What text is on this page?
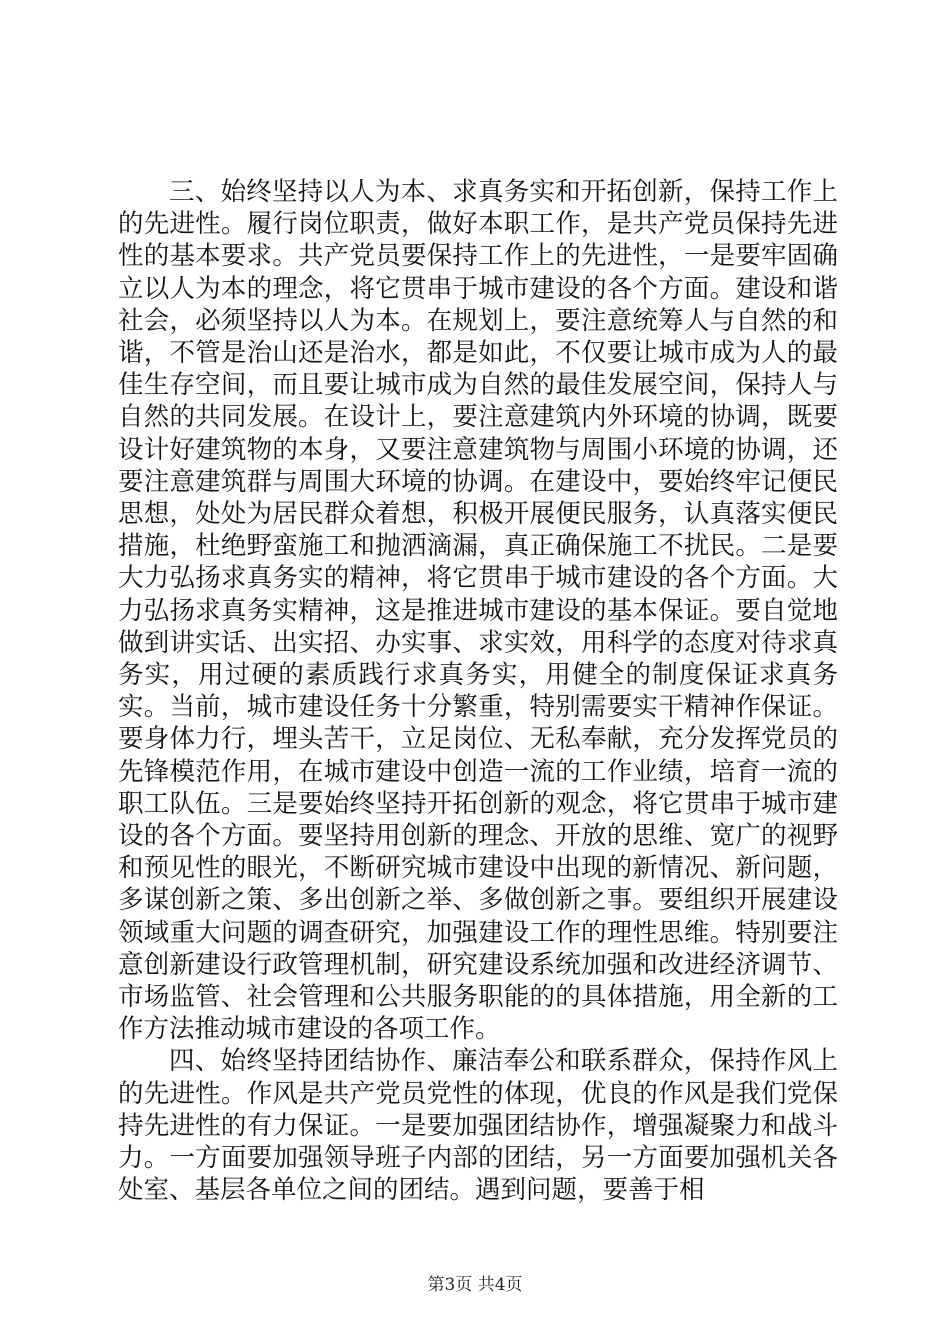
三、始终坚持以人为本、求真务实和开拓创新，保持工作上的先进性。履行岗位职责，做好本职工作，是共产党员保持先进性的基本要求。共产党员要保持工作上的先进性，一是要牢固确立以人为本的理念，将它贯串于城市建设的各个方面。建设和谐社会，必须坚持以人为本。在规划上，要注意统筹人与自然的和谐，不管是治山还是治水，都是如此，不仅要让城市成为人的最佳生存空间，而且要让城市成为自然的最佳发展空间，保持人与自然的共同发展。在设计上，要注意建筑内外环境的协调，既要设计好建筑物的本身，又要注意建筑物与周围小环境的协调，还要注意建筑群与周围大环境的协调。在建设中，要始终牢记便民思想，处处为居民群众着想，积极开展便民服务，认真落实便民措施，杜绝野蛮施工和抛洒滴漏，真正确保施工不扰民。二是要大力弘扬求真务实的精神，将它贯串于城市建设的各个方面。大力弘扬求真务实精神，这是推进城市建设的基本保证。要自觉地做到讲实话、出实招、办实事、求实效，用科学的态度对待求真务实，用过硬的素质践行求真务实，用健全的制度保证求真务实。当前，城市建设任务十分繁重，特别需要实干精神作保证。要身体力行，埋头苦干，立足岗位、无私奉献，充分发挥党员的先锋模范作用，在城市建设中创造一流的工作业绩，培育一流的职工队伍。三是要始终坚持开拓创新的观念，将它贯串于城市建设的各个方面。要坚持用创新的理念、开放的思维、宽广的视野和预见性的眼光，不断研究城市建设中出现的新情况、新问题，多谋创新之策、多出创新之举、多做创新之事。要组织开展建设领域重大问题的调查研究，加强建设工作的理性思维。特别要注意创新建设行政管理机制，研究建设系统加强和改进经济调节、市场监管、社会管理和公共服务职能的的具体措施，用全新的工作方法推动城市建设的各项工作。

四、始终坚持团结协作、廉洁奉公和联系群众，保持作风上的先进性。作风是共产党员党性的体现，优良的作风是我们党保持先进性的有力保证。一是要加强团结协作，增强凝聚力和战斗力。一方面要加强领导班子内部的团结，另一方面要加强机关各处室、基层各单位之间的团结。遇到问题，要善于相

第3页 共4页
